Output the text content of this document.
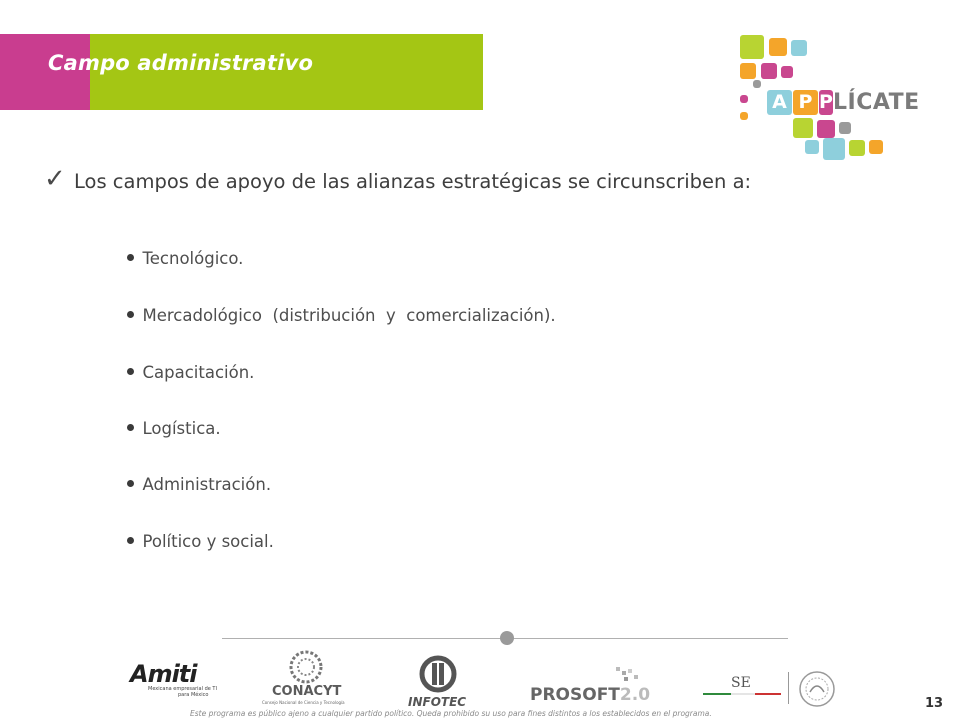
Campo administrativo
A P P LÍCATE
✓ Los campos de apoyo de las alianzas estratégicas se circunscriben a:

Tecnológico.

Mercadológico  (distribución  y  comercialización).

Capacitación.

Logística.

Administración.

Político y social.

Amiti
Mexicana empresarial de TI
para México	CONACYT
Consejo Nacional de Ciencia y Tecnología	INFOTEC	PROSOFT2.0
SE
Este programa es público ajeno a cualquier partido político. Queda prohibido su uso para fines distintos a los establecidos en el programa.
13
